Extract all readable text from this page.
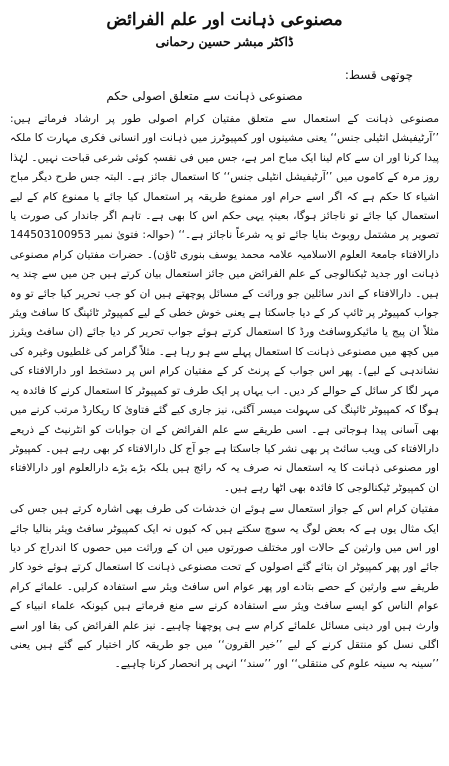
مصنوعی ذہانت اور علم الفرائض
ڈاکٹر مبشر حسین رحمانی
چوتھی قسط:
مصنوعی ذہانت سے متعلق اصولی حکم

مصنوعی ذہانت کے استعمال سے متعلق مفتیان کرام اصولی طور پر ارشاد فرماتے ہیں: ’’آرٹیفیشل انٹیلی جنس‘‘ یعنی مشینوں اور کمپیوٹرز میں ذہانت اور انسانی فکری مہارت کا ملکہ پیدا کرنا اور ان سے کام لینا ایک مباح امر ہے، جس میں فی نفسہٖ کوئی شرعی قباحت نہیں۔ لہٰذا روز مرہ کے کاموں میں ’’آرٹیفیشل انٹیلی جنس‘‘ کا استعمال جائز ہے۔ البتہ جس طرح دیگر مباح اشیاء کا حکم ہے کہ اگر اسے حرام اور ممنوع طریقہ پر استعمال کیا جائے یا ممنوع کام کے لیے استعمال کیا جائے تو ناجائز ہوگا، بعینہٖ یہی حکم اس کا بھی ہے۔ تاہم اگر جاندار کی صورت یا تصویر پر مشتمل روبوٹ بنایا جائے تو یہ شرعاً ناجائز ہے۔‘‘ (حوالہ: فتویٰ نمبر 144503100953 دارالافتاء جامعۃ العلوم الاسلامیہ علامہ محمد یوسف بنوری ٹاؤن)۔ حضرات مفتیان کرام مصنوعی ذہانت اور جدید ٹیکنالوجی کے علم الفرائض میں جائز استعمال بیان کرتے ہیں جن میں سے چند یہ ہیں۔ دارالافتاء کے اندر سائلین جو وراثت کے مسائل پوچھتے ہیں ان کو جب تحریر کیا جائے تو وہ جواب کمپیوٹر پر ٹائپ کر کے دیا جاسکتا ہے یعنی خوش خطی کے لیے کمپیوٹر ٹائپنگ کا سافٹ ویئر مثلاً ان پیج یا مائیکروسافٹ ورڈ کا استعمال کرتے ہوئے جواب تحریر کر دیا جائے (ان سافٹ ویئرز میں کچھ میں مصنوعی ذہانت کا استعمال پہلے سے ہو رہا ہے۔ مثلاً گرامر کی غلطیوں وغیرہ کی نشاندہی کے لیے)۔ پھر اس جواب کے پرنٹ کر کے مفتیان کرام اس پر دستخط اور دارالافتاء کی مہر لگا کر سائل کے حوالے کر دیں۔ اب یہاں پر ایک طرف تو کمپیوٹر کا استعمال کرنے کا فائدہ یہ ہوگا کہ کمپیوٹر ٹائپنگ کی سہولت میسر آگئی، نیز جاری کیے گئے فتاویٰ کا ریکارڈ مرتب کرنے میں بھی آسانی پیدا ہوجاتی ہے۔ اسی طریقے سے علم الفرائض کے ان جوابات کو انٹرنیٹ کے ذریعے دارالافتاء کی ویب سائٹ پر بھی نشر کیا جاسکتا ہے جو آج کل دارالافتاء کر بھی رہے ہیں۔ کمپیوٹر اور مصنوعی ذہانت کا یہ استعمال نہ صرف یہ کہ رائج ہیں بلکہ بڑے بڑے دارالعلوم اور دارالافتاء ان کمپیوٹر ٹیکنالوجی کا فائدہ بھی اٹھا رہے ہیں۔

مفتیان کرام اس کے جواز استعمال سے ہوئے ان خدشات کی طرف بھی اشارہ کرتے ہیں جس کی ایک مثال یوں ہے کہ بعض لوگ یہ سوچ سکتے ہیں کہ کیوں نہ ایک کمپیوٹر سافٹ ویئر بنالیا جائے اور اس میں وارثین کے حالات اور مختلف صورتوں میں ان کے وراثت میں حصوں کا اندراج کر دیا جائے اور پھر کمپیوٹر ان بتائے گئے اصولوں کے تحت مصنوعی ذہانت کا استعمال کرتے ہوئے خود کار طریقے سے وارثین کے حصے بتادے اور پھر عوام اس سافٹ ویئر سے استفادہ کرلیں۔ علمائے کرام عوام الناس کو ایسے سافٹ ویئر سے استفادہ کرنے سے منع فرماتے ہیں کیونکہ علماء انبیاء کے وارث ہیں اور دینی مسائل علمائے کرام سے ہی پوچھنا چاہیے۔ نیز علم الفرائض کی بقا اور اسے اگلی نسل کو منتقل کرنے کے لیے ’’خیر القرون‘‘ میں جو طریقہ کار اختیار کیے گئے ہیں یعنی ’’سینہ بہ سینہ علوم کی منتقلی‘‘ اور ’’سند‘‘ انہی پر انحصار کرنا چاہیے۔
